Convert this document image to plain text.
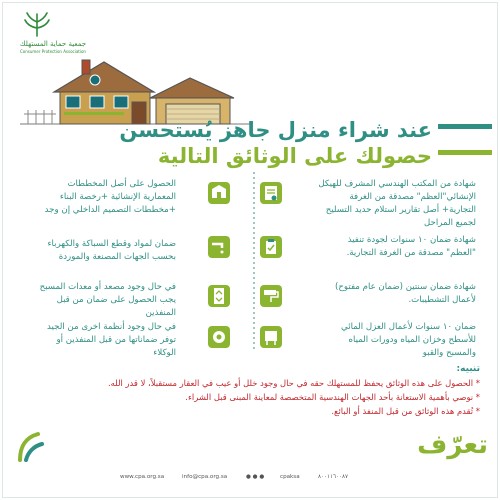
جمعية حماية المستهلك
Consumer Protection Association
عند شراء منزل جاهز يُستحسن
حصولك على الوثائق التالية
شهادة من المكتب الهندسي المشرف للهيكل الإنشائي"العظم" مصدقة من الغرفة التجارية+ أصل تقارير استلام حديد التسليح لجميع المراحل
شهادة ضمان ١٠ سنوات لجودة تنفيذ "العظم" مصدقة من الغرفة التجارية.
شهادة ضمان سنتين (ضمان عام مفتوح) لأعمال التشطيبات.
ضمان ١٠ سنوات لأعمال العزل المائي للأسطح وخزان المياه ودورات المياه والمسبح والقبو
الحصول على أصل المخططات المعمارية الإنشائية +رخصة البناء +مخططات التصميم الداخلي إن وجد
ضمان لمواد وقطع السباكة والكهرباء بحسب الجهات المصنعة والموردة
في حال وجود مصعد أو معدات المسبح يجب الحصول على ضمان من قبل المنفذين
في حال وجود أنظمة اخرى من الجيد توفر ضماناتها من قبل المنفذين أو الوكلاء
تنبيه:
* الحصول على هذه الوثائق يحفظ للمستهلك حقه في حال وجود خلل أو عيب في العقار مستقبلاً، لا قدر الله.
* نوصي بأهمية الاستعانة بأحد الجهات الهندسية المتخصصة لمعاينة المبنى قبل الشراء.
* تُقدم هذه الوثائق من قبل المنفذ أو البائع.
تعرّف
www.cpa.org.sa	info@cpa.org.sa	● ● ●	cpaksa	٨٠٠١١٦٠٠٨٧
